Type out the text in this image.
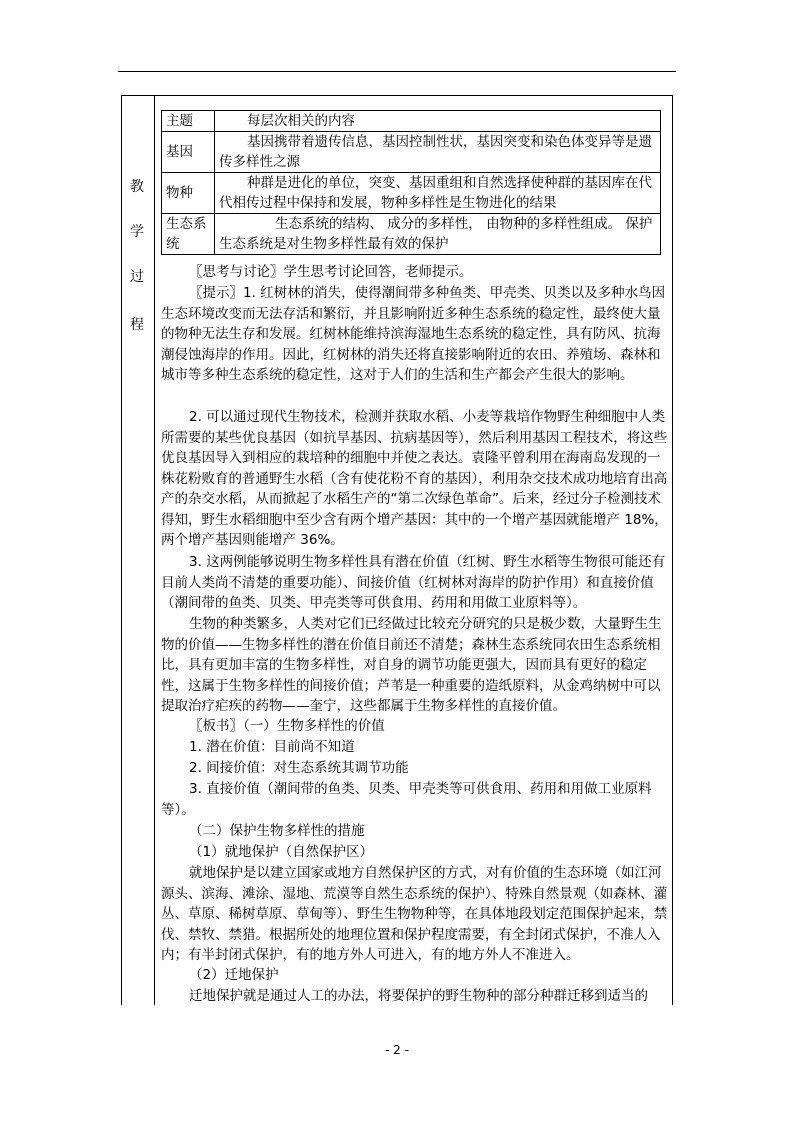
教
学
过
程
主题	每层次相关的内容
基因	基因携带着遗传信息，基因控制性状，基因突变和染色体变异等是遗传多样性之源
物种	种群是进化的单位，突变、基因重组和自然选择使种群的基因库在代代相传过程中保持和发展，物种多样性是生物进化的结果
生态系统	生态系统的结构、 成分的多样性， 由物种的多样性组成。 保护生态系统是对生物多样性最有效的保护

〖思考与讨论〗学生思考讨论回答，老师提示。

〖提示〗1. 红树林的消失，使得潮间带多种鱼类、甲壳类、贝类以及多种水鸟因生态环境改变而无法存活和繁衍，并且影响附近多种生态系统的稳定性，最终使大量的物种无法生存和发展。红树林能维持滨海湿地生态系统的稳定性，具有防风、抗海潮侵蚀海岸的作用。因此，红树林的消失还将直接影响附近的农田、养殖场、森林和城市等多种生态系统的稳定性，这对于人们的生活和生产都会产生很大的影响。

2. 可以通过现代生物技术，检测并获取水稻、小麦等栽培作物野生种细胞中人类所需要的某些优良基因（如抗旱基因、抗病基因等），然后利用基因工程技术，将这些优良基因导入到相应的栽培种的细胞中并使之表达。袁隆平曾利用在海南岛发现的一株花粉败育的普通野生水稻（含有使花粉不育的基因），利用杂交技术成功地培育出高产的杂交水稻，从而掀起了水稻生产的“第二次绿色革命”。后来，经过分子检测技术得知，野生水稻细胞中至少含有两个增产基因：其中的一个增产基因就能增产 18%，两个增产基因则能增产 36%。

3. 这两例能够说明生物多样性具有潜在价值（红树、野生水稻等生物很可能还有目前人类尚不清楚的重要功能）、间接价值（红树林对海岸的防护作用）和直接价值（潮间带的鱼类、贝类、甲壳类等可供食用、药用和用做工业原料等）。

生物的种类繁多，人类对它们已经做过比较充分研究的只是极少数，大量野生生物的价值——生物多样性的潜在价值目前还不清楚；森林生态系统同农田生态系统相比，具有更加丰富的生物多样性，对自身的调节功能更强大，因而具有更好的稳定性，这属于生物多样性的间接价值；芦苇是一种重要的造纸原料，从金鸡纳树中可以提取治疗疟疾的药物——奎宁，这些都属于生物多样性的直接价值。

〖板书〗（一）生物多样性的价值

1. 潜在价值：目前尚不知道

2. 间接价值：对生态系统其调节功能

3. 直接价值（潮间带的鱼类、贝类、甲壳类等可供食用、药用和用做工业原料等）。

（二）保护生物多样性的措施

（1）就地保护（自然保护区）

就地保护是以建立国家或地方自然保护区的方式，对有价值的生态环境（如江河源头、滨海、滩涂、湿地、荒漠等自然生态系统的保护）、特殊自然景观（如森林、灌丛、草原、稀树草原、草甸等）、野生生物物种等，在具体地段划定范围保护起来，禁伐、禁牧、禁猎。根据所处的地理位置和保护程度需要，有全封闭式保护，不准人入内；有半封闭式保护，有的地方外人可进入，有的地方外人不准进入。

（2）迁地保护

迁地保护就是通过人工的办法，将要保护的野生物种的部分种群迁移到适当的

- 2 -
